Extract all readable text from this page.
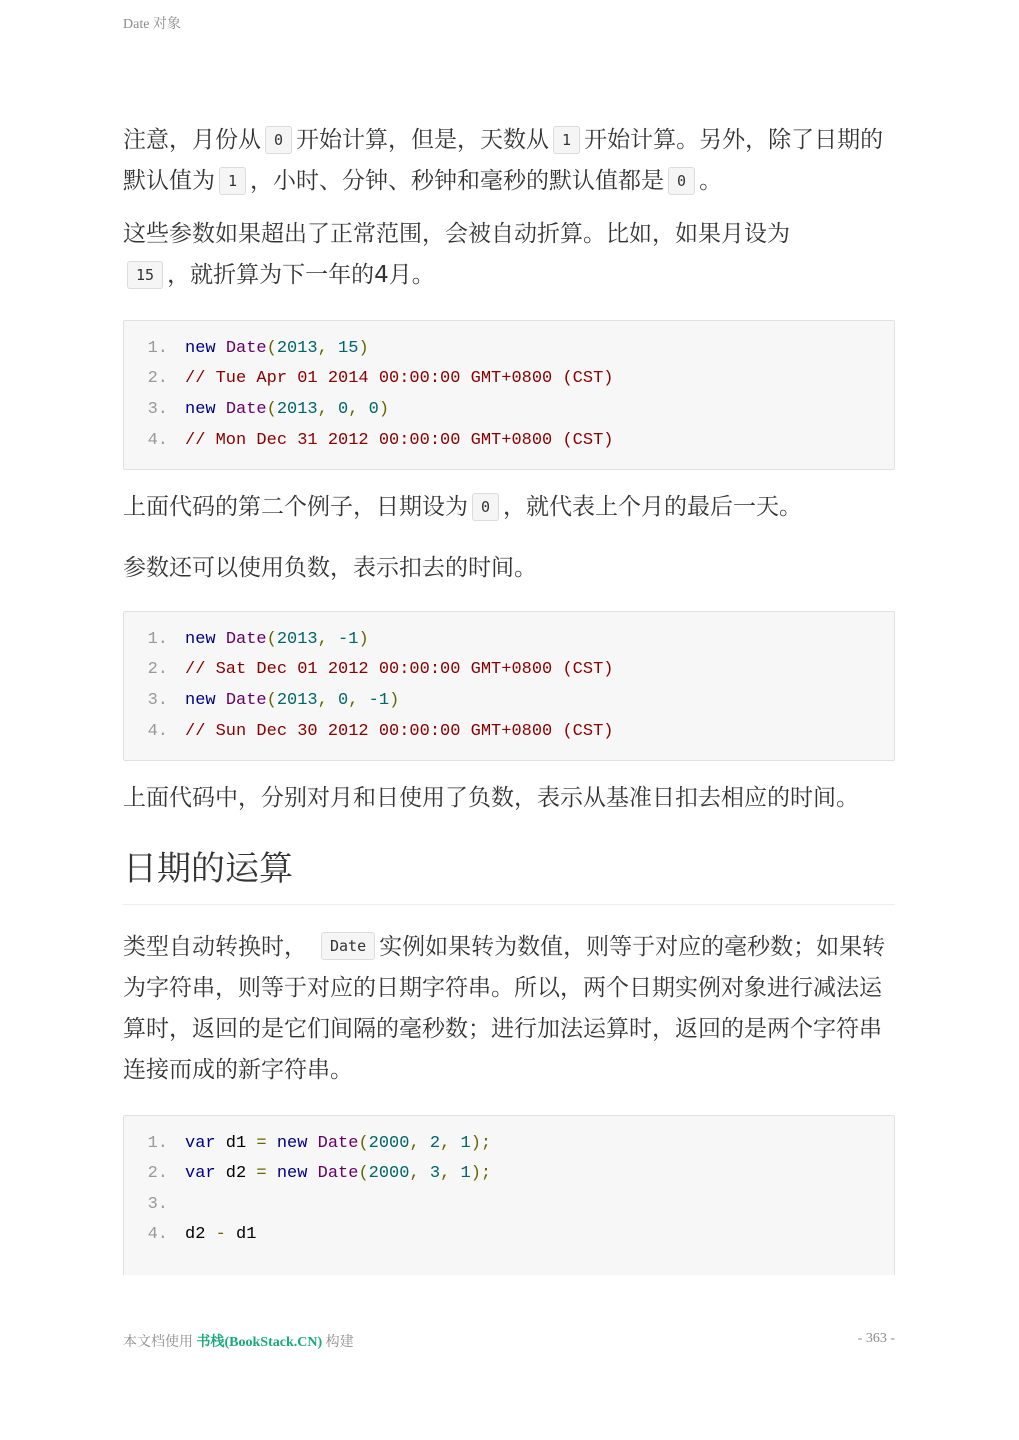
Date 对象

注意，月份从 0 开始计算，但是，天数从 1 开始计算。另外，除了日期的默认值为 1 ，小时、分钟、秒钟和毫秒的默认值都是 0 。

这些参数如果超出了正常范围，会被自动折算。比如，如果月设为15 ，就折算为下一年的4月。

1.	new
Date ( 2013 , 15 )
2.	// Tue Apr 01 2014 00:00:00 GMT+0800 (CST)
3.	new
Date ( 2013 , 0 , 0 )
4.	// Mon Dec 31 2012 00:00:00 GMT+0800 (CST)

上面代码的第二个例子，日期设为 0 ，就代表上个月的最后一天。

参数还可以使用负数，表示扣去的时间。

1.	new
Date ( 2013 , -1 )
2.	// Sat Dec 01 2012 00:00:00 GMT+0800 (CST)
3.	new
Date ( 2013 , 0 , -1 )
4.	// Sun Dec 30 2012 00:00:00 GMT+0800 (CST)

上面代码中，分别对月和日使用了负数，表示从基准日扣去相应的时间。

日期的运算

类型自动转换时， Date 实例如果转为数值，则等于对应的毫秒数；如果转为字符串，则等于对应的日期字符串。所以，两个日期实例对象进行减法运算时，返回的是它们间隔的毫秒数；进行加法运算时，返回的是两个字符串连接而成的新字符串。

1.	var d1 =
new
Date ( 2000 , 2 , 1 );
2.	var d2 =
new
Date ( 2000 , 3 , 1 );
3.
4.	d2 - d1
本文档使用 书栈(BookStack.CN) 构建	- 363 -
